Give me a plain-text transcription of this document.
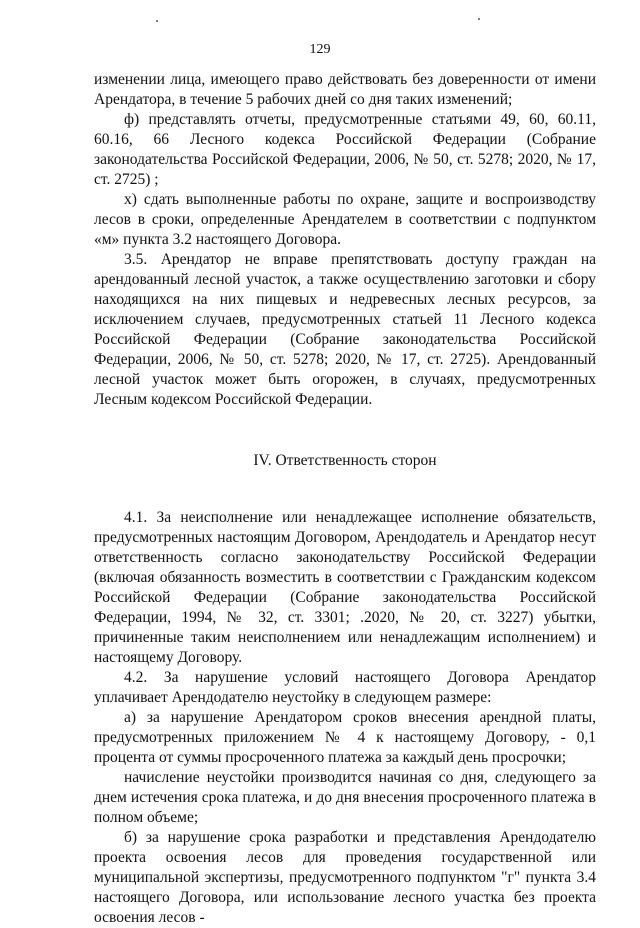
129

изменении лица, имеющего право действовать без доверенности от имени Арендатора, в течение 5 рабочих дней со дня таких изменений;

ф) представлять отчеты, предусмотренные статьями 49, 60, 60.11, 60.16, 66 Лесного кодекса Российской Федерации (Собрание законодательства Российской Федерации, 2006, № 50, ст. 5278; 2020, № 17, ст. 2725) ;

х) сдать выполненные работы по охране, защите и воспроизводству лесов в сроки, определенные Арендателем в соответствии с подпунктом «м» пункта 3.2 настоящего Договора.

3.5. Арендатор не вправе препятствовать доступу граждан на арендованный лесной участок, а также осуществлению заготовки и сбору находящихся на них пищевых и недревесных лесных ресурсов, за исключением случаев, предусмотренных статьей 11 Лесного кодекса Российской Федерации (Собрание законодательства Российской Федерации, 2006, № 50, ст. 5278; 2020, № 17, ст. 2725). Арендованный лесной участок может быть огорожен, в случаях, предусмотренных Лесным кодексом Российской Федерации.

IV. Ответственность сторон

4.1. За неисполнение или ненадлежащее исполнение обязательств, предусмотренных настоящим Договором, Арендодатель и Арендатор несут ответственность согласно законодательству Российской Федерации (включая обязанность возместить в соответствии с Гражданским кодексом Российской Федерации (Собрание законодательства Российской Федерации, 1994, № 32, ст. 3301; .2020, № 20, ст. 3227) убытки, причиненные таким неисполнением или ненадлежащим исполнением) и настоящему Договору.

4.2. За нарушение условий настоящего Договора Арендатор уплачивает Арендодателю неустойку в следующем размере:

а) за нарушение Арендатором сроков внесения арендной платы, предусмотренных приложением № 4 к настоящему Договору, - 0,1 процента от суммы просроченного платежа за каждый день просрочки;

начисление неустойки производится начиная со дня, следующего за днем истечения срока платежа, и до дня внесения просроченного платежа в полном объеме;

б) за нарушение срока разработки и представления Арендодателю проекта освоения лесов для проведения государственной или муниципальной экспертизы, предусмотренного подпунктом "г" пункта 3.4 настоящего Договора, или использование лесного участка без проекта освоения лесов -
